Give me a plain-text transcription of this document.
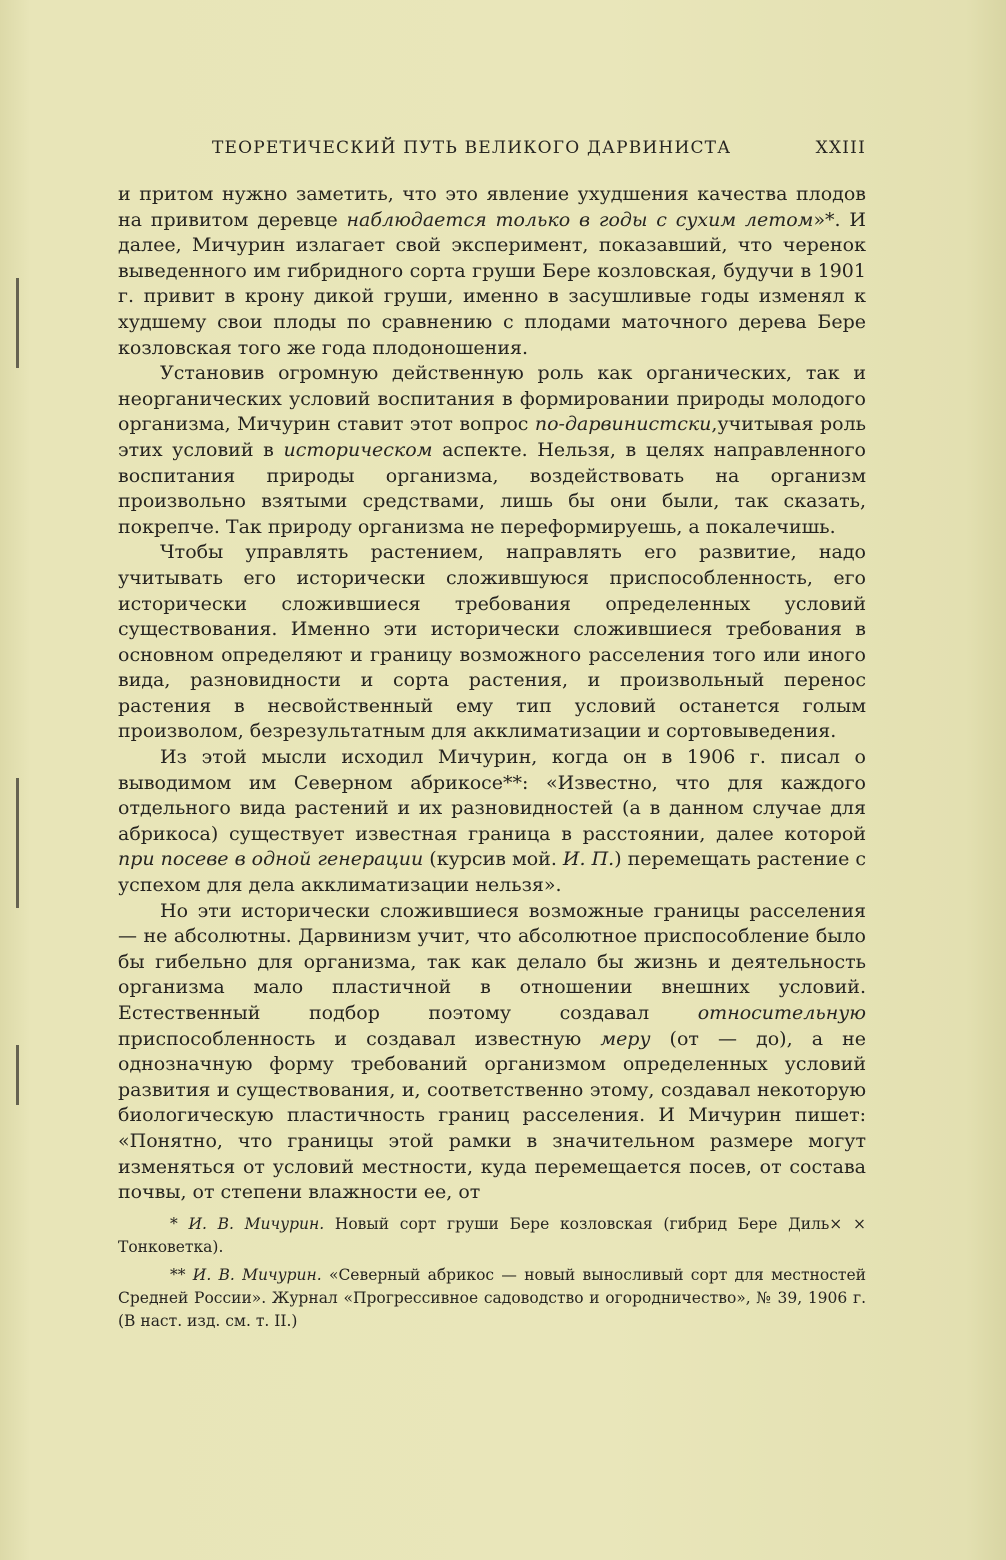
ТЕОРЕТИЧЕСКИЙ ПУТЬ ВЕЛИКОГО ДАРВИНИСТА	XXIII

и притом нужно заметить, что это явление ухудшения качества плодов на привитом деревце наблюдается только в годы с сухим летом»*. И далее, Мичурин излагает свой эксперимент, показавший, что черенок выведенного им гибридного сорта груши Бере козловская, будучи в 1901 г. привит в крону дикой груши, именно в засушливые годы изменял к худшему свои плоды по сравнению с плодами маточного дерева Бере козловская того же года плодоношения.

Установив огромную действенную роль как органических, так и неорганических условий воспитания в формировании природы молодого организма, Мичурин ставит этот вопрос по-дарвинистски,учитывая роль этих условий в историческом аспекте. Нельзя, в целях направленного воспитания природы организма, воздействовать на организм произвольно взятыми средствами, лишь бы они были, так сказать, покрепче. Так природу организма не переформируешь, а покалечишь.

Чтобы управлять растением, направлять его развитие, надо учитывать его исторически сложившуюся приспособленность, его исторически сложившиеся требования определенных условий существования. Именно эти исторически сложившиеся требования в основном определяют и границу возможного расселения того или иного вида, разновидности и сорта растения, и произвольный перенос растения в несвойственный ему тип условий останется голым произволом, безрезультатным для акклиматизации и сортовыведения.

Из этой мысли исходил Мичурин, когда он в 1906 г. писал о выводимом им Северном абрикосе**: «Известно, что для каждого отдельного вида растений и их разновидностей (а в данном случае для абрикоса) существует известная граница в расстоянии, далее которой при посеве в одной генерации (курсив мой. И. П.) перемещать растение с успехом для дела акклиматизации нельзя».

Но эти исторически сложившиеся возможные границы расселения — не абсолютны. Дарвинизм учит, что абсолютное приспособление было бы гибельно для организма, так как делало бы жизнь и деятельность организма мало пластичной в отношении внешних условий. Естественный подбор поэтому создавал относительную приспособленность и создавал известную меру (от — до), а не однозначную форму требований организмом определенных условий развития и существования, и, соответственно этому, создавал некоторую биологическую пластичность границ расселения. И Мичурин пишет: «Понятно, что границы этой рамки в значительном размере могут изменяться от условий местности, куда перемещается посев, от состава почвы, от степени влажности ее, от

* И. В. Мичурин. Новый сорт груши Бере козловская (гибрид Бере Диль× × Тонковетка).

** И. В. Мичурин. «Северный абрикос — новый выносливый сорт для местностей Средней России». Журнал «Прогрессивное садоводство и огородничество», № 39, 1906 г. (В наст. изд. см. т. II.)
